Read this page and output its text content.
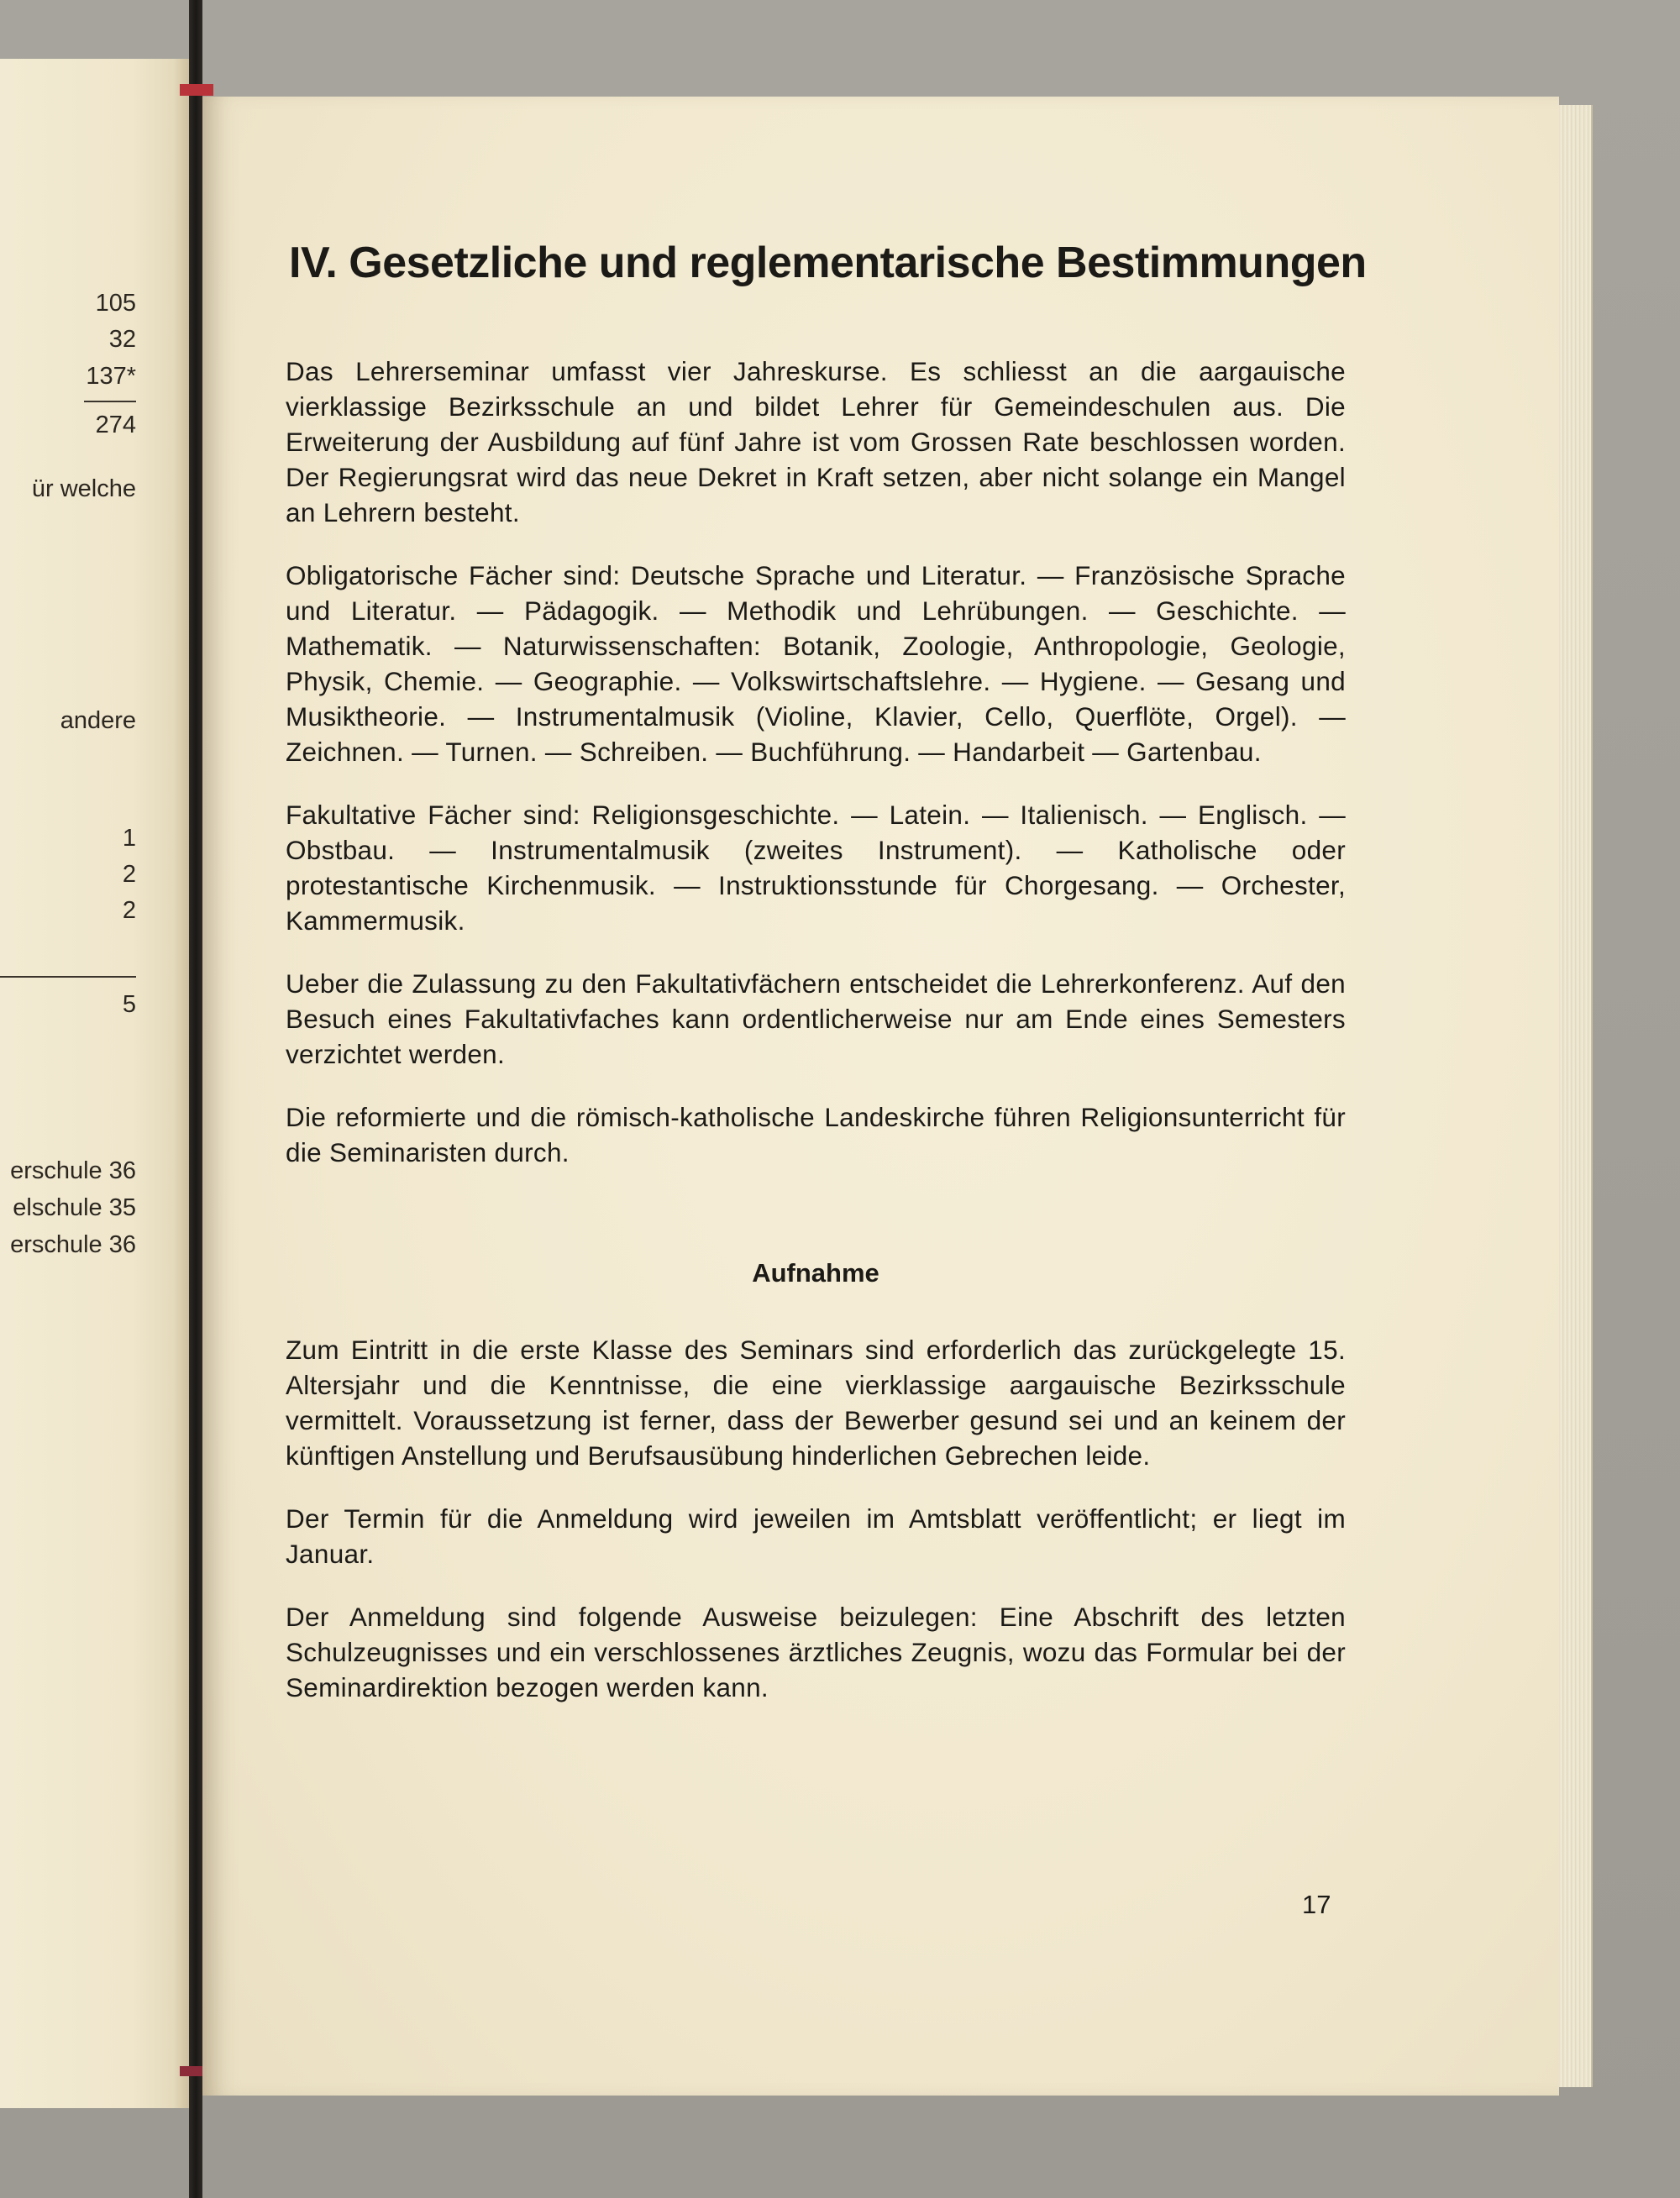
105
32
137*
274
ür welche
andere
1
2
2
5
erschule 36
elschule 35
erschule 36
IV. Gesetzliche und reglementarische Bestimmungen

Das Lehrerseminar umfasst vier Jahreskurse. Es schliesst an die aargauische vierklassige Bezirksschule an und bildet Lehrer für Gemeindeschulen aus. Die Erweiterung der Ausbildung auf fünf Jahre ist vom Grossen Rate beschlossen worden. Der Regierungsrat wird das neue Dekret in Kraft setzen, aber nicht solange ein Mangel an Lehrern besteht.

Obligatorische Fächer sind: Deutsche Sprache und Literatur. — Französische Sprache und Literatur. — Pädagogik. — Methodik und Lehrübungen. — Geschichte. — Mathematik. — Naturwissenschaften: Botanik, Zoologie, Anthropologie, Geologie, Physik, Chemie. — Geographie. — Volkswirtschaftslehre. — Hygiene. — Gesang und Musiktheorie. — Instrumentalmusik (Violine, Klavier, Cello, Querflöte, Orgel). — Zeichnen. — Turnen. — Schreiben. — Buchführung. — Handarbeit — Gartenbau.

Fakultative Fächer sind: Religionsgeschichte. — Latein. — Italienisch. — Englisch. — Obstbau. — Instrumentalmusik (zweites Instrument). — Katholische oder protestantische Kirchenmusik. — Instruktionsstunde für Chorgesang. — Orchester, Kammermusik.

Ueber die Zulassung zu den Fakultativfächern entscheidet die Lehrerkonferenz. Auf den Besuch eines Fakultativfaches kann ordentlicherweise nur am Ende eines Semesters verzichtet werden.

Die reformierte und die römisch-katholische Landeskirche führen Religionsunterricht für die Seminaristen durch.

Aufnahme

Zum Eintritt in die erste Klasse des Seminars sind erforderlich das zurückgelegte 15. Altersjahr und die Kenntnisse, die eine vierklassige aargauische Bezirksschule vermittelt. Voraussetzung ist ferner, dass der Bewerber gesund sei und an keinem der künftigen Anstellung und Berufsausübung hinderlichen Gebrechen leide.

Der Termin für die Anmeldung wird jeweilen im Amtsblatt veröffentlicht; er liegt im Januar.

Der Anmeldung sind folgende Ausweise beizulegen: Eine Abschrift des letzten Schulzeugnisses und ein verschlossenes ärztliches Zeugnis, wozu das Formular bei der Seminardirektion bezogen werden kann.

17
